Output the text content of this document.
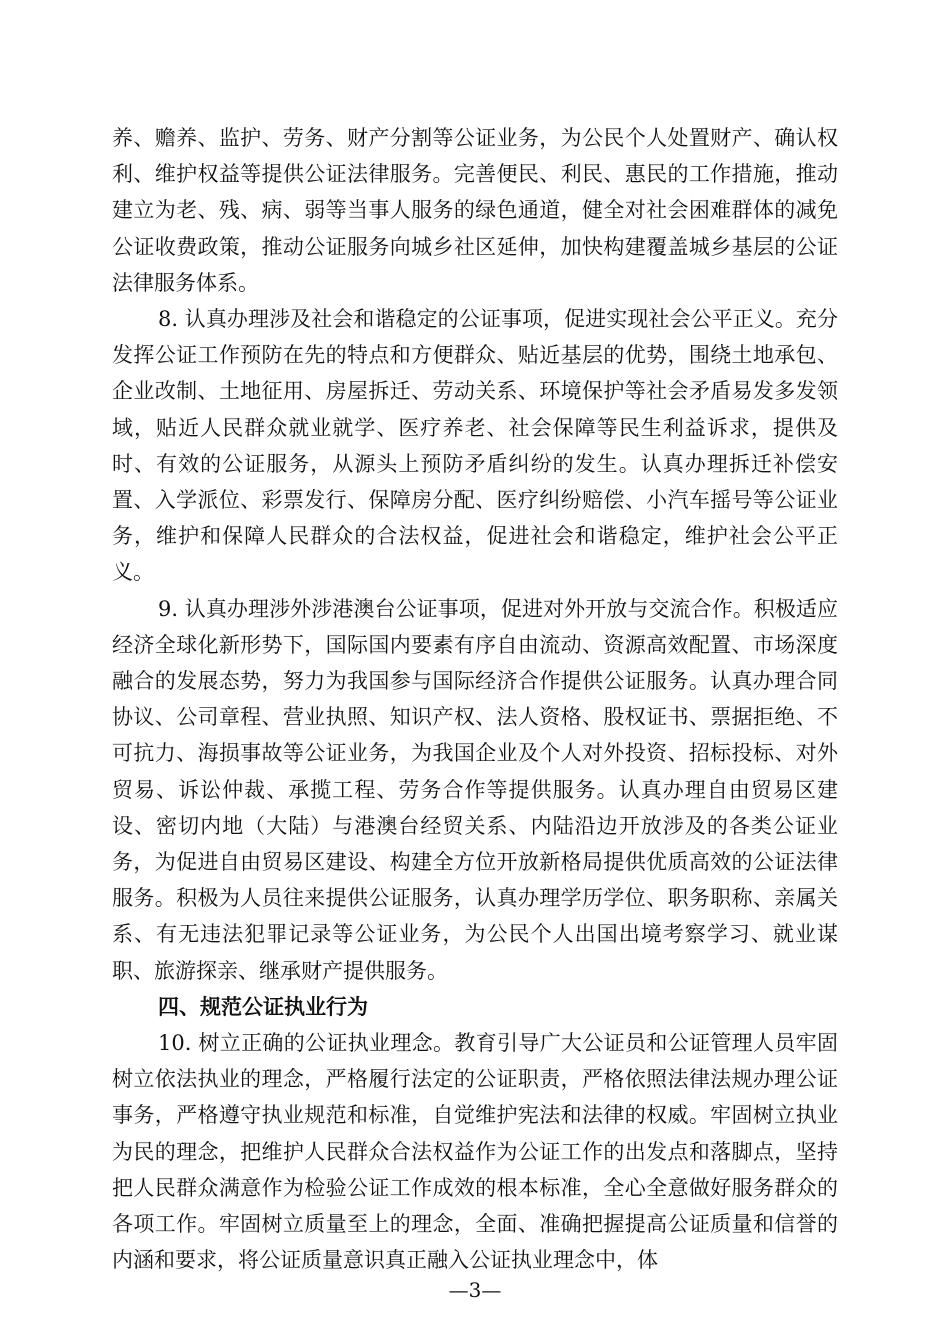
养、赡养、监护、劳务、财产分割等公证业务，为公民个人处置财产、确认权利、维护权益等提供公证法律服务。完善便民、利民、惠民的工作措施，推动建立为老、残、病、弱等当事人服务的绿色通道，健全对社会困难群体的减免公证收费政策，推动公证服务向城乡社区延伸，加快构建覆盖城乡基层的公证法律服务体系。

8. 认真办理涉及社会和谐稳定的公证事项，促进实现社会公平正义。充分发挥公证工作预防在先的特点和方便群众、贴近基层的优势，围绕土地承包、企业改制、土地征用、房屋拆迁、劳动关系、环境保护等社会矛盾易发多发领域，贴近人民群众就业就学、医疗养老、社会保障等民生利益诉求，提供及时、有效的公证服务，从源头上预防矛盾纠纷的发生。认真办理拆迁补偿安置、入学派位、彩票发行、保障房分配、医疗纠纷赔偿、小汽车摇号等公证业务，维护和保障人民群众的合法权益，促进社会和谐稳定，维护社会公平正义。

9. 认真办理涉外涉港澳台公证事项，促进对外开放与交流合作。积极适应经济全球化新形势下，国际国内要素有序自由流动、资源高效配置、市场深度融合的发展态势，努力为我国参与国际经济合作提供公证服务。认真办理合同协议、公司章程、营业执照、知识产权、法人资格、股权证书、票据拒绝、不可抗力、海损事故等公证业务，为我国企业及个人对外投资、招标投标、对外贸易、诉讼仲裁、承揽工程、劳务合作等提供服务。认真办理自由贸易区建设、密切内地（大陆）与港澳台经贸关系、内陆沿边开放涉及的各类公证业务，为促进自由贸易区建设、构建全方位开放新格局提供优质高效的公证法律服务。积极为人员往来提供公证服务，认真办理学历学位、职务职称、亲属关系、有无违法犯罪记录等公证业务，为公民个人出国出境考察学习、就业谋职、旅游探亲、继承财产提供服务。

四、规范公证执业行为

10. 树立正确的公证执业理念。教育引导广大公证员和公证管理人员牢固树立依法执业的理念，严格履行法定的公证职责，严格依照法律法规办理公证事务，严格遵守执业规范和标准，自觉维护宪法和法律的权威。牢固树立执业为民的理念，把维护人民群众合法权益作为公证工作的出发点和落脚点，坚持把人民群众满意作为检验公证工作成效的根本标准，全心全意做好服务群众的各项工作。牢固树立质量至上的理念，全面、准确把握提高公证质量和信誉的内涵和要求，将公证质量意识真正融入公证执业理念中，体

—3—
